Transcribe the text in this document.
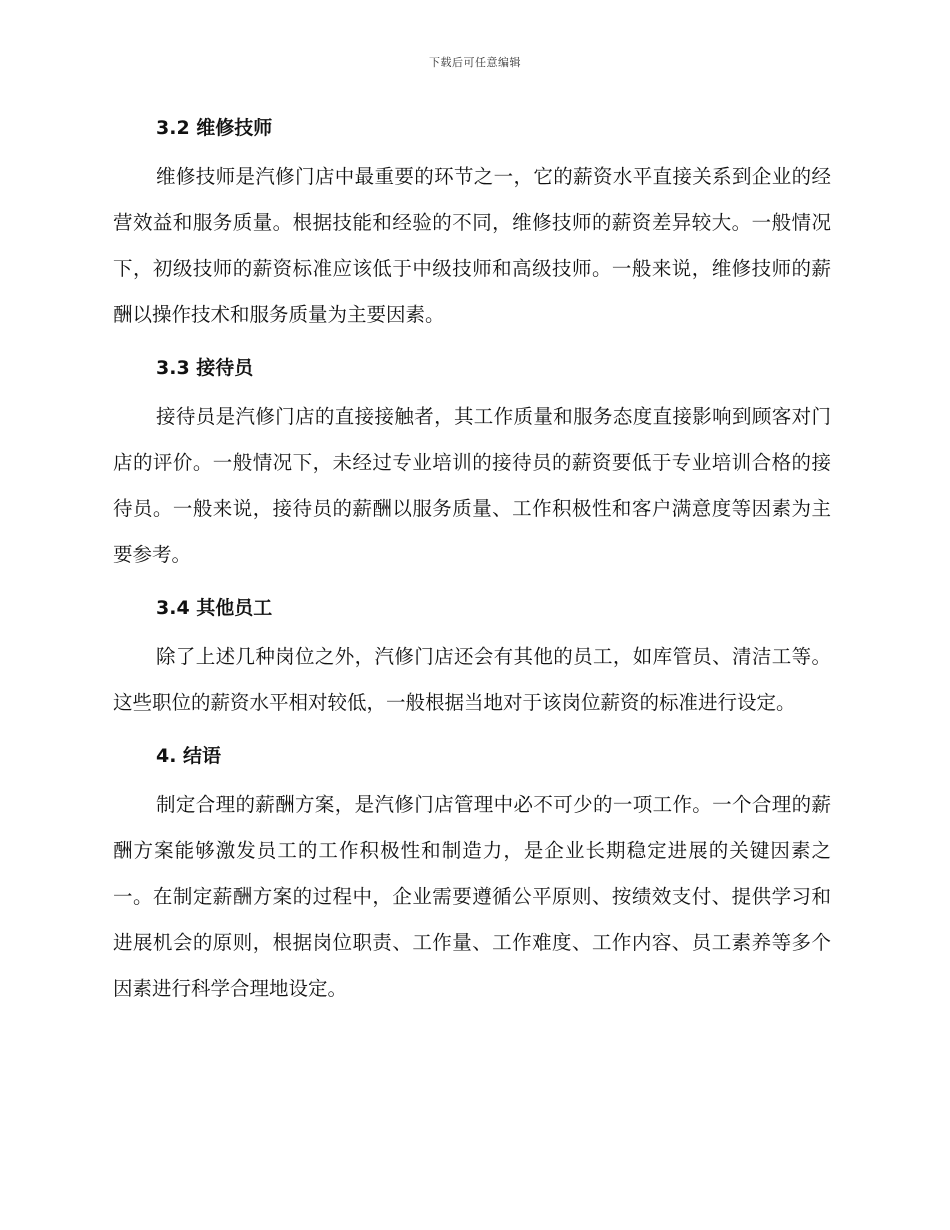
下载后可任意编辑
3.2 维修技师

维修技师是汽修门店中最重要的环节之一，它的薪资水平直接关系到企业的经营效益和服务质量。根据技能和经验的不同，维修技师的薪资差异较大。一般情况下，初级技师的薪资标准应该低于中级技师和高级技师。一般来说，维修技师的薪酬以操作技术和服务质量为主要因素。

3.3 接待员

接待员是汽修门店的直接接触者，其工作质量和服务态度直接影响到顾客对门店的评价。一般情况下，未经过专业培训的接待员的薪资要低于专业培训合格的接待员。一般来说，接待员的薪酬以服务质量、工作积极性和客户满意度等因素为主要参考。

3.4 其他员工

除了上述几种岗位之外，汽修门店还会有其他的员工，如库管员、清洁工等。这些职位的薪资水平相对较低，一般根据当地对于该岗位薪资的标准进行设定。

4. 结语

制定合理的薪酬方案，是汽修门店管理中必不可少的一项工作。一个合理的薪酬方案能够激发员工的工作积极性和制造力，是企业长期稳定进展的关键因素之一。在制定薪酬方案的过程中，企业需要遵循公平原则、按绩效支付、提供学习和进展机会的原则，根据岗位职责、工作量、工作难度、工作内容、员工素养等多个因素进行科学合理地设定。
